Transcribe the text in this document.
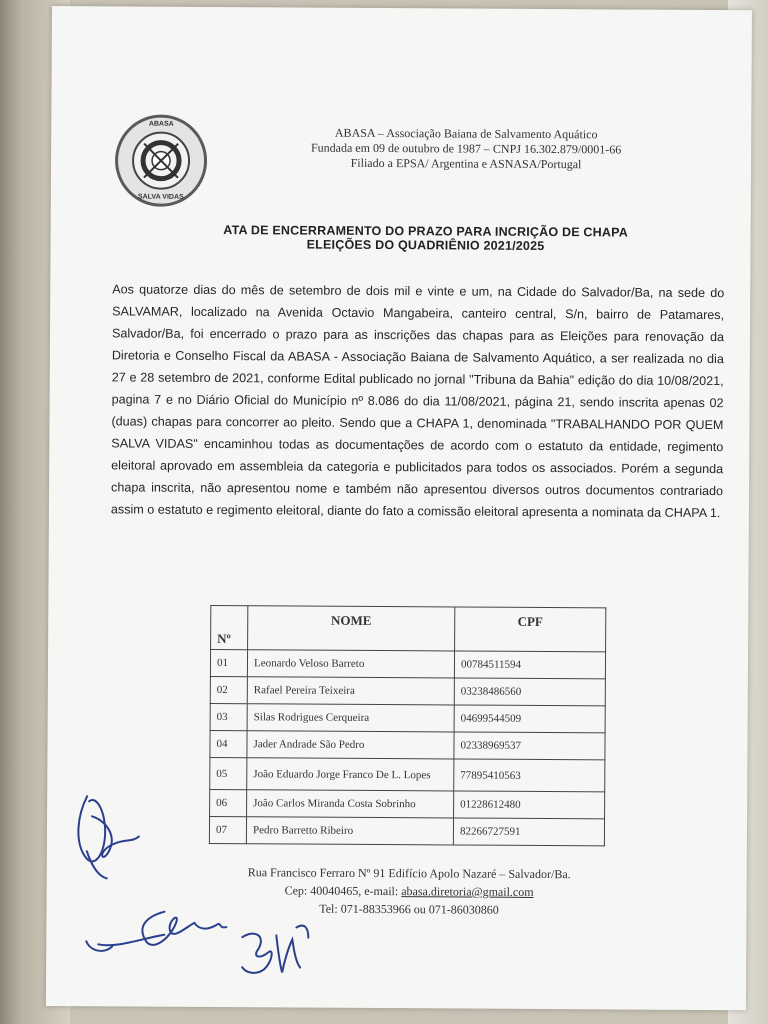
ABASA
SALVA VIDAS
ABASA – Associação Baiana de Salvamento Aquático
Fundada em 09 de outubro de 1987 – CNPJ 16.302.879/0001-66
Filiado a EPSA/ Argentina e ASNASA/Portugal
ATA DE ENCERRAMENTO DO PRAZO PARA INCRIÇÃO DE CHAPA
ELEIÇÕES DO QUADRIÊNIO 2021/2025
Aos quatorze dias do mês de setembro de dois mil e vinte e um, na Cidade do Salvador/Ba, na sede do SALVAMAR, localizado na Avenida Octavio Mangabeira, canteiro central, S/n, bairro de Patamares, Salvador/Ba, foi encerrado o prazo para as inscrições das chapas para as Eleições para renovação da Diretoria e Conselho Fiscal da ABASA - Associação Baiana de Salvamento Aquático, a ser realizada no dia 27 e 28 setembro de 2021, conforme Edital publicado no jornal "Tribuna da Bahia" edição do dia 10/08/2021, pagina 7 e no Diário Oficial do Município nº 8.086 do dia 11/08/2021, página 21, sendo inscrita apenas 02 (duas) chapas para concorrer ao pleito. Sendo que a CHAPA 1, denominada "TRABALHANDO POR QUEM SALVA VIDAS" encaminhou todas as documentações de acordo com o estatuto da entidade, regimento eleitoral aprovado em assembleia da categoria e publicitados para todos os associados. Porém a segunda chapa inscrita, não apresentou nome e também não apresentou diversos outros documentos contrariado assim o estatuto e regimento eleitoral, diante do fato a comissão eleitoral apresenta a nominata da CHAPA 1.
Nº	NOME	CPF
01	Leonardo Veloso Barreto	00784511594
02	Rafael Pereira Teixeira	03238486560
03	Silas Rodrigues Cerqueira	04699544509
04	Jader Andrade São Pedro	02338969537
05	João Eduardo Jorge Franco De L. Lopes	77895410563
06	João Carlos Miranda Costa Sobrinho	01228612480
07	Pedro Barretto Ribeiro	82266727591
Rua Francisco Ferraro Nº 91 Edifício Apolo Nazaré – Salvador/Ba.
Cep: 40040465, e-mail: abasa.diretoria@gmail.com
Tel: 071-88353966 ou 071-86030860
